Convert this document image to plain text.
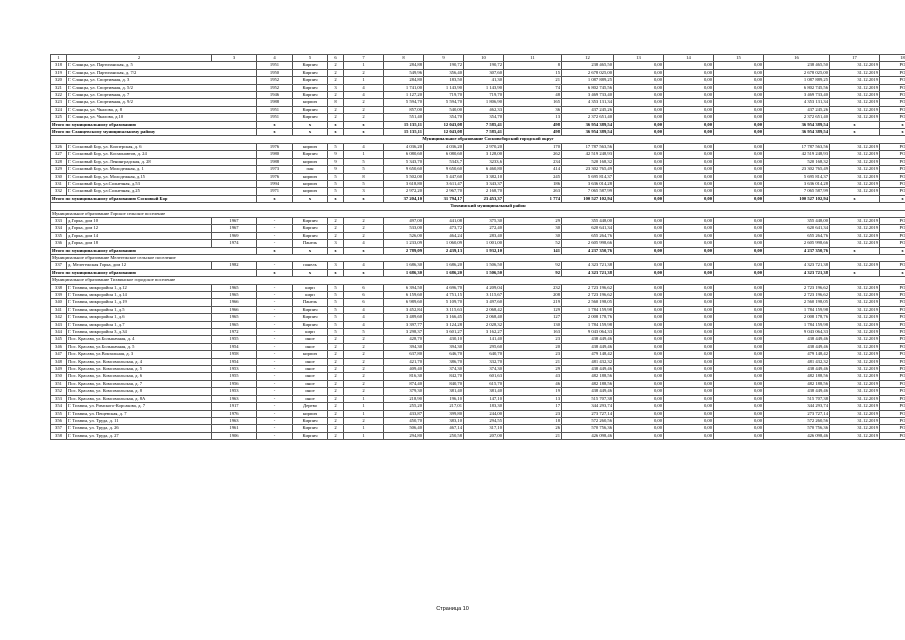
1	2	3	4	5	6	7	8	9	10	11	12	13	14	15	16	17	18
318	Г. Сланцы, ул. Партизанская, д. 5		1951	Кирпич	2	1	284,88	190,72	190,72	8	238 465,50	0,00	0,00	0,00	238 465,50	31.12.2019	РО
319	Г. Сланцы, ул. Партизанская, д. 7/2		1950	Кирпич	2	2	549,96	356,40	307,60	15	2 678 025,00	0,00	0,00	0,00	2 678 025,00	31.12.2019	РО
320	Г. Сланцы, ул. Спортивная, д. 3		1952	Кирпич	2	1	284,80	183,50	41,30	21	1 087 889,25	0,00	0,00	0,00	1 087 889,25	31.12.2019	РО
321	Г. Сланцы, ул. Спортивная, д. 5/2		1952	Кирпич	3	4	1 741,00	1 143,90	1 143,90	74	6 802 745,56	0,00	0,00	0,00	6 802 745,56	31.12.2019	РО
322	Г. Сланцы, ул. Спортивная, д. 7		1946	Кирпич	2	4	1 127,20	719,70	719,70	48	3 469 733,40	0,00	0,00	0,00	3 469 733,40	31.12.2019	РО
323	Г. Сланцы, ул. Спортивная, д. 9/2		1988	кирпич	8	2	5 594,70	5 594,70	1 806,90	165	4 353 131,34	0,00	0,00	0,00	4 353 131,34	31.12.2019	РО
324	Г. Сланцы, ул. Чкалова, д. 8		1951	Кирпич	2	2	857,00	540,00	462,33	36	437 245,26	0,00	0,00	0,00	437 245,26	31.12.2019	РО
325	Г. Сланцы, ул. Чкалова, д.10		1951	Кирпич	2	2	551,40	354,70	354,70	13	2 372 651,40	0,00	0,00	0,00	2 372 651,40	31.12.2019	РО
Итого по муниципальному образованию			x	x	x	x	15 135,11	12 043,08	7 585,41	498	36 954 389,54	0,00	0,00	0,00	36 954 389,54	x	x
Итого по Сланцевскому муниципальному району			x	x	x	x	15 135,11	12 043,08	7 585,41	498	36 954 389,54	0,00	0,00	0,00	36 954 389,54	x	x
Муниципальное образование Сосновоборский городской округ																	
326	Г. Сосновый Бор, ул. Кооперская, д. 6		1976	кирпич	5	4	4 036,20	4 036,20	2 970,20	170	17 787 563,56	0,00	0,00	0,00	17 787 563,56	31.12.2019	РО
327	Г. Сосновый Бор, ул. Космонавтов, д. 24		1980	Кирпич	9	1	6 080,60	6 080,60	3 128,00	262	42 519 248,93	0,00	0,00	0,00	42 519 248,93	31.12.2019	РО
328	Г. Сосновый Бор, ул. Ленинградская, д. 28		1988	кирпич	9	5	5 343,70	5343,7	3233,6	234	520 168,32	0,00	0,00	0,00	520 168,32	31.12.2019	РО
329	Г. Сосновый Бор, ул. Молодежная, д. 1		1973	пан	9	5	9 650,60	9 650,60	6 460,80	414	23 302 765,49	0,00	0,00	0,00	23 302 765,49	31.12.2019	РО
330	Г. Сосновый Бор, ул. Молодежная, д.15		1976	кирпич	5	8	5 502,00	5 447,60	3 382,10	245	5 695 814,37	0,00	0,00	0,00	5 695 814,37	31.12.2019	РО
331	Г. Сосновый Бор, ул.Солнечная, д.53		1994	кирпич	5	5	3 618,80	3 611,47	3 343,37	186	3 636 014,28	0,00	0,00	0,00	3 636 014,28	31.12.2019	РО
332	Г. Сосновый Бор, ул.Солнечная, д.25		1971	кирпич	5	3	2 972,20	2 967,70	2 168,70	263	7 065 587,99	0,00	0,00	0,00	7 065 587,99	31.12.2019	РО
Итого по муниципальному образованию Сосновый Бор			x	x	x	x	37 204,10	31 794,17	23 453,37	1 774	100 527 102,94	0,00	0,00	0,00	100 527 102,94	x	x
Тихвинский муниципальный район																	
Муниципальное образование Горское сельское поселение																	
333	д.Горка, дом 10	1967	-	Кирпич	2	2	497,00	441,08	375,30	29	355 448,00	0,00	0,00	0,00	355 448,00	31.12.2019	РО
334	д.Горка, дом 12	1967	-	Кирпич	2	2	533,00	473,72	272,40	30	620 641,34	0,00	0,00	0,00	620 641,34	31.12.2019	РО
335	д.Горка, дом 14	1969	-	Кирпич	2	2	526,00	464,24	283,40	30	655 264,76	0,00	0,00	0,00	655 264,76	31.12.2019	РО
336	д.Горка, дом 18	1974	-	Панель	3	4	1 233,09	1 060,09	1 001,00	52	2 605 998,66	0,00	0,00	0,00	2 605 998,66	31.12.2019	РО
Итого по муниципальному образованию			x	x	x	x	2 789,09	2 439,13	1 932,10	141	4 237 350,76	0,00	0,00	0,00	4 237 350,76	x	x
Муниципальное образование Мелегежское сельское поселение																	
337	д. Мелегежская Горка, дом 12	1982	-	панель	3	4	1 686,30	1 686,20	1 506,50	92	4 323 721,38	0,00	0,00	0,00	4 323 721,38	31.12.2019	РО
Итого по муниципальному образованию			x	x	x	x	1 686,30	1 686,20	1 506,50	92	4 323 721,38	0,00	0,00	0,00	4 323 721,38	x	x
Муниципальное образование Тихвинское городское поселение																	
338	Г. Тихвин, микрорайон 1, д.12	1965	-	кирп	5	6	6 394,50	4 696,70	4 209,04	232	2 723 196,62	0,00	0,00	0,00	2 723 196,62	31.12.2019	РО
339	Г. Тихвин, микрорайон 1, д.14	1965	-	кирп	5	6	6 159,60	4 751,15	3 115,67	208	2 723 196,62	0,00	0,00	0,00	2 723 196,62	31.12.2019	РО
340	Г. Тихвин, микрорайон 1, д.19	1966	-	Панель	5	6	6 989,60	5 109,70	3 497,60	219	2 560 198,05	0,00	0,00	0,00	2 560 198,05	31.12.2019	РО
341	Г. Тихвин, микрорайон 1, д.5	1966	-	Кирпич	5	4	3 452,84	3 115,63	2 068,42	129	1 784 159,98	0,00	0,00	0,00	1 784 159,98	31.12.2019	РО
342	Г. Тихвин, микрорайон 1, д.6	1965	-	Кирпич	5	4	3 489,60	3 166,45	2 068,40	127	2 008 178,76	0,00	0,00	0,00	2 008 178,76	31.12.2019	РО
343	Г. Тихвин, микрорайон 1, д.7	1965	-	Кирпич	5	4	3 397,77	3 124,28	2 028,32	130	1 784 159,98	0,00	0,00	0,00	1 784 159,98	31.12.2019	РО
344	Г. Тихвин, микрорайон 3, д.34	1972	-	кирп	5	5	3 298,37	3 601,27	3 162,27	163	9 043 064,33	0,00	0,00	0,00	9 043 064,33	31.12.2019	РО
345	Пос. Красава, ул.Большачная, д. 4	1955	-	иное	2	2	428,70	430,10	141,40	23	438 449,46	0,00	0,00	0,00	438 449,46	31.12.2019	РО
346	Пос. Красава, ул.Большачная, д. 5	1954	-	иное	2	2	394,30	394,30	295,60	20	438 449,46	0,00	0,00	0,00	438 449,46	31.12.2019	РО
347	Пос. Красава, ул.Вокзальная, д. 3	1958	-	кирпич	2	2	637,80	646,70	640,70	23	479 148,42	0,00	0,00	0,00	479 148,42	31.12.2019	РО
348	Пос. Красава, ул. Комсомольская, д. 4	1954	-	иное	2	2	421,70	386,70	332,70	21	481 432,32	0,00	0,00	0,00	481 432,32	31.12.2019	РО
349	Пос. Красава, ул. Комсомольская, д. 5	1953	-	иное	2	2	409,40	374,30	374,30	29	438 449,46	0,00	0,00	0,00	438 449,46	31.12.2019	РО
350	Пос. Красава, ул. Комсомольская, д. 6	1955	-	иное	2	2	816,30	842,70	601,63	43	482 188,56	0,00	0,00	0,00	482 188,56	31.12.2019	РО
351	Пос. Красава, ул. Комсомольская, д. 7	1956	-	иное	2	2	874,40	840,70	615,70	46	482 188,56	0,00	0,00	0,00	482 188,56	31.12.2019	РО
352	Пос. Красава, ул. Комсомольская, д. 8	1953	-	иное	2	2	379,30	381,40	381,40	19	438 449,46	0,00	0,00	0,00	438 449,46	31.12.2019	РО
353	Пос. Красава, ул. Комсомольская, д. 8А	1963	-	иное	2	1	218,90	196,10	147,10	13	515 707,38	0,00	0,00	0,00	515 707,38	31.12.2019	РО
354	Г. Тихвин, ул. Римского-Корсакова, д. 7	1917	-	Дерево	2	1	255,20	217,01	183,30	17	344 293,74	0,00	0,00	0,00	344 293,74	31.12.2019	РО
355	Г. Тихвин, ул. Пещевская, д. 7	1976	-	кирпич	2	1	433,87	399,80	244,00	23	273 727,14	0,00	0,00	0,00	273 727,14	31.12.2019	РО
356	Г. Тихвин, ул. Труда, д. 11	1963	-	Кирпич	2	2	450,70	383,10	294,55	18	572 260,56	0,00	0,00	0,00	572 260,56	31.12.2019	РО
357	Г. Тихвин, ул. Труда, д. 26	1961	-	Кирпич	2	1	506,40	467,14	317,10	26	570 756,36	0,00	0,00	0,00	570 756,36	31.12.2019	РО
358	Г. Тихвин, ул. Труда, д. 27	1906	-	Кирпич	2	1	294,80	250,58	207,00	21	426 098,46	0,00	0,00	0,00	426 098,46	31.12.2019	РО
Страница 10
